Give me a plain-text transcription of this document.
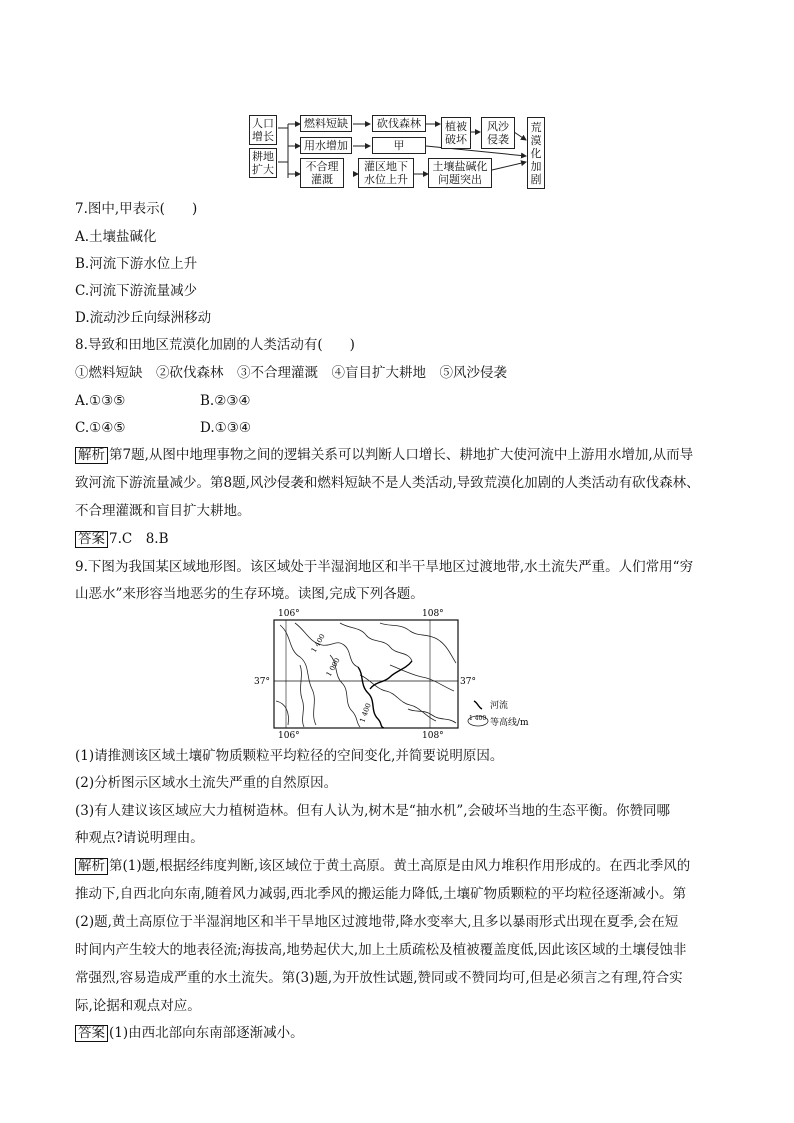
人口增长
耕地扩大
燃料短缺	砍伐森林 植被
破坏
风沙
侵袭
用水增加	甲
不合理
灌溉
灌区地下
水位上升
土壤盐碱化
问题突出
荒
漠
化
加
剧
7.图中,甲表示(　　)
A.土壤盐碱化
B.河流下游水位上升
C.河流下游流量减少
D.流动沙丘向绿洲移动
8.导致和田地区荒漠化加剧的人类活动有(　　)
①燃料短缺　②砍伐森林　③不合理灌溉　④盲目扩大耕地　⑤风沙侵袭
A.①③⑤	B.②③④
C.①④⑤	D.①③④
解析 第7题,从图中地理事物之间的逻辑关系可以判断人口增长、耕地扩大使河流中上游用水增加,从而导
致河流下游流量减少。第8题,风沙侵袭和燃料短缺不是人类活动,导致荒漠化加剧的人类活动有砍伐森林、
不合理灌溉和盲目扩大耕地。
答案 7.C　8.B
9.下图为我国某区域地形图。该区域处于半湿润地区和半干旱地区过渡地带,水土流失严重。人们常用“穷
山恶水”来形容当地恶劣的生存环境。读图,完成下列各题。
1 400
1 000
1 400
106°	108°
106°	108°
37°	37°
河流
1 400 等高线/m
(1)请推测该区域土壤矿物质颗粒平均粒径的空间变化,并简要说明原因。
(2)分析图示区域水土流失严重的自然原因。
(3)有人建议该区域应大力植树造林。但有人认为,树木是“抽水机”,会破坏当地的生态平衡。你赞同哪
种观点?请说明理由。
解析 第(1)题,根据经纬度判断,该区域位于黄土高原。黄土高原是由风力堆积作用形成的。在西北季风的
推动下,自西北向东南,随着风力减弱,西北季风的搬运能力降低,土壤矿物质颗粒的平均粒径逐渐减小。第
(2)题,黄土高原位于半湿润地区和半干旱地区过渡地带,降水变率大,且多以暴雨形式出现在夏季,会在短
时间内产生较大的地表径流;海拔高,地势起伏大,加上土质疏松及植被覆盖度低,因此该区域的土壤侵蚀非
常强烈,容易造成严重的水土流失。第(3)题,为开放性试题,赞同或不赞同均可,但是必须言之有理,符合实
际,论据和观点对应。
答案 (1)由西北部向东南部逐渐减小。
